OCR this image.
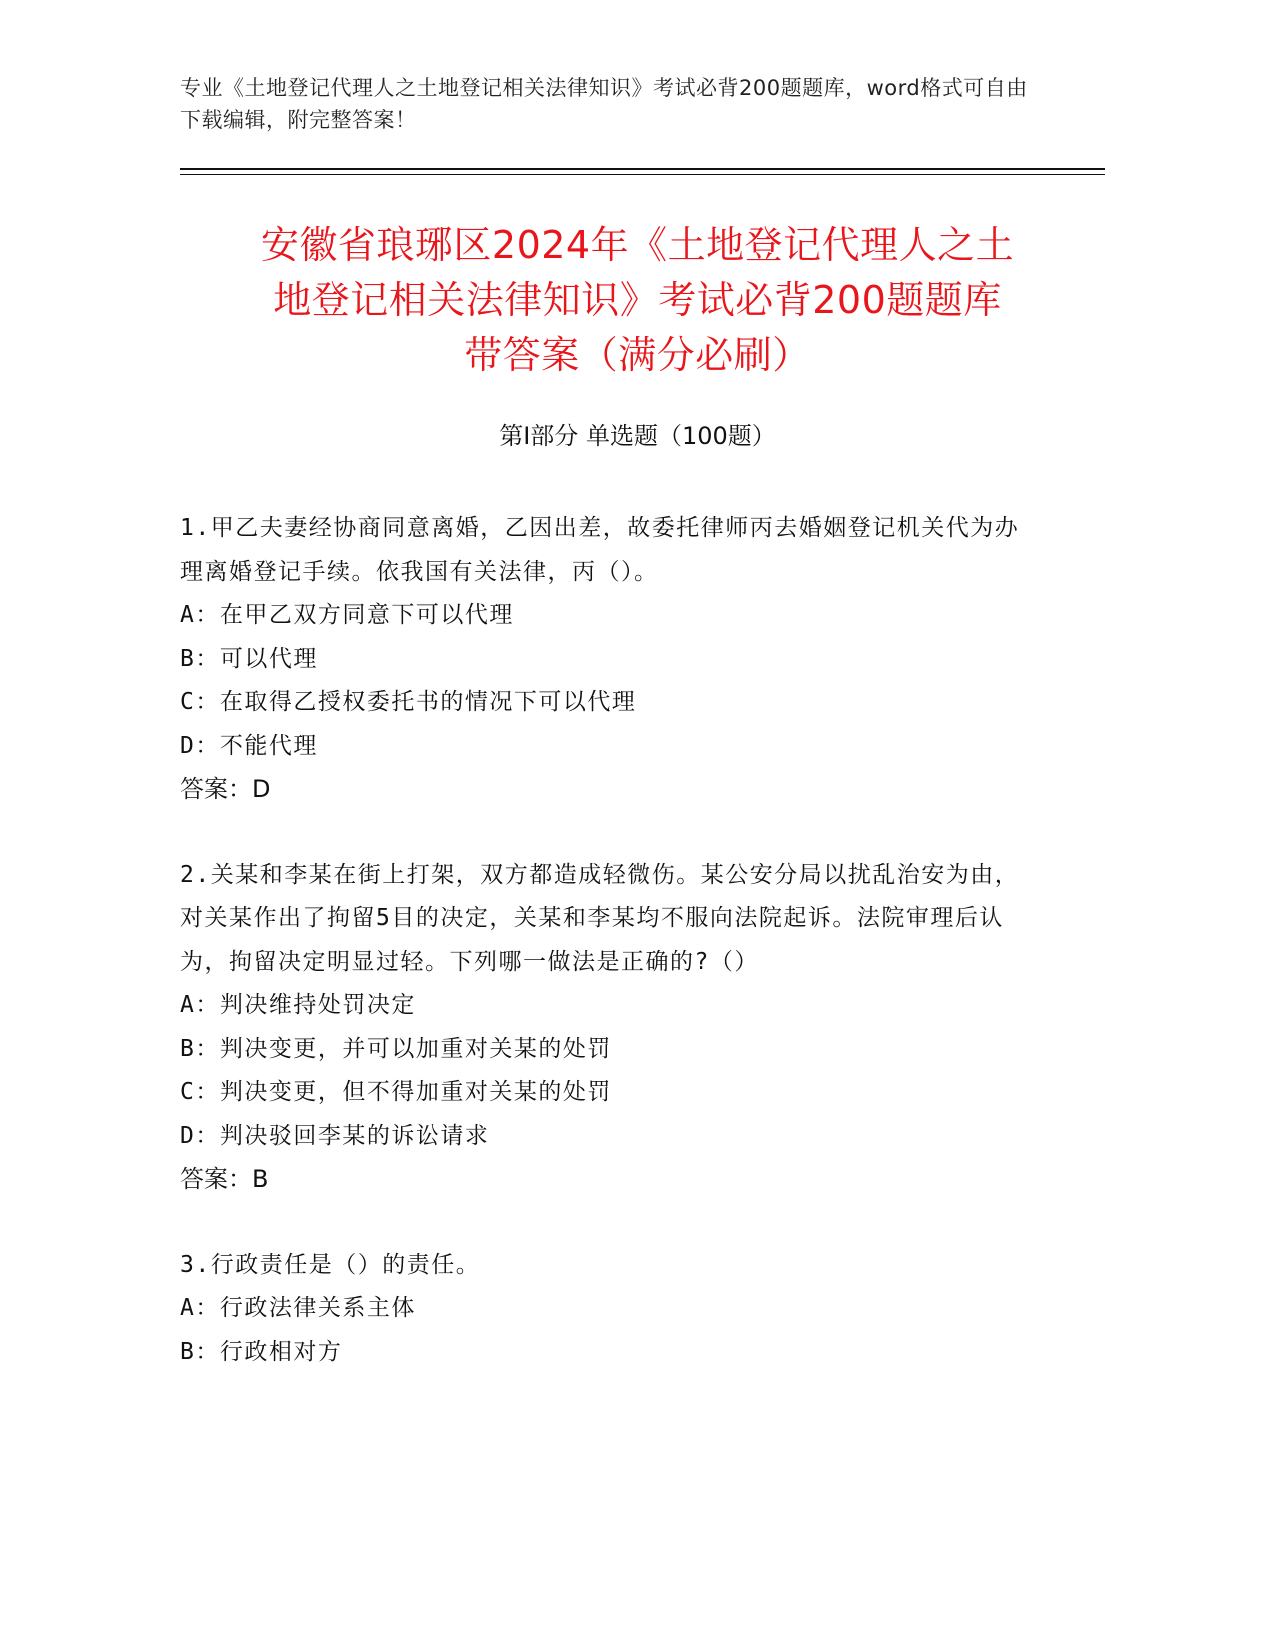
专业《土地登记代理人之土地登记相关法律知识》考试必背200题题库，word格式可自由下载编辑，附完整答案！
安徽省琅琊区2024年《土地登记代理人之土
地登记相关法律知识》考试必背200题题库
带答案（满分必刷）
第Ⅰ部分 单选题（100题）
1.甲乙夫妻经协商同意离婚，乙因出差，故委托律师丙去婚姻登记机关代为办理离婚登记手续。依我国有关法律，丙（）。
A：在甲乙双方同意下可以代理
B：可以代理
C：在取得乙授权委托书的情况下可以代理
D：不能代理
答案：D
2.关某和李某在街上打架，双方都造成轻微伤。某公安分局以扰乱治安为由，对关某作出了拘留5目的决定，关某和李某均不服向法院起诉。法院审理后认为，拘留决定明显过轻。下列哪一做法是正确的?（）
A：判决维持处罚决定
B：判决变更，并可以加重对关某的处罚
C：判决变更，但不得加重对关某的处罚
D：判决驳回李某的诉讼请求
答案：B
3.行政责任是（）的责任。
A：行政法律关系主体
B：行政相对方
